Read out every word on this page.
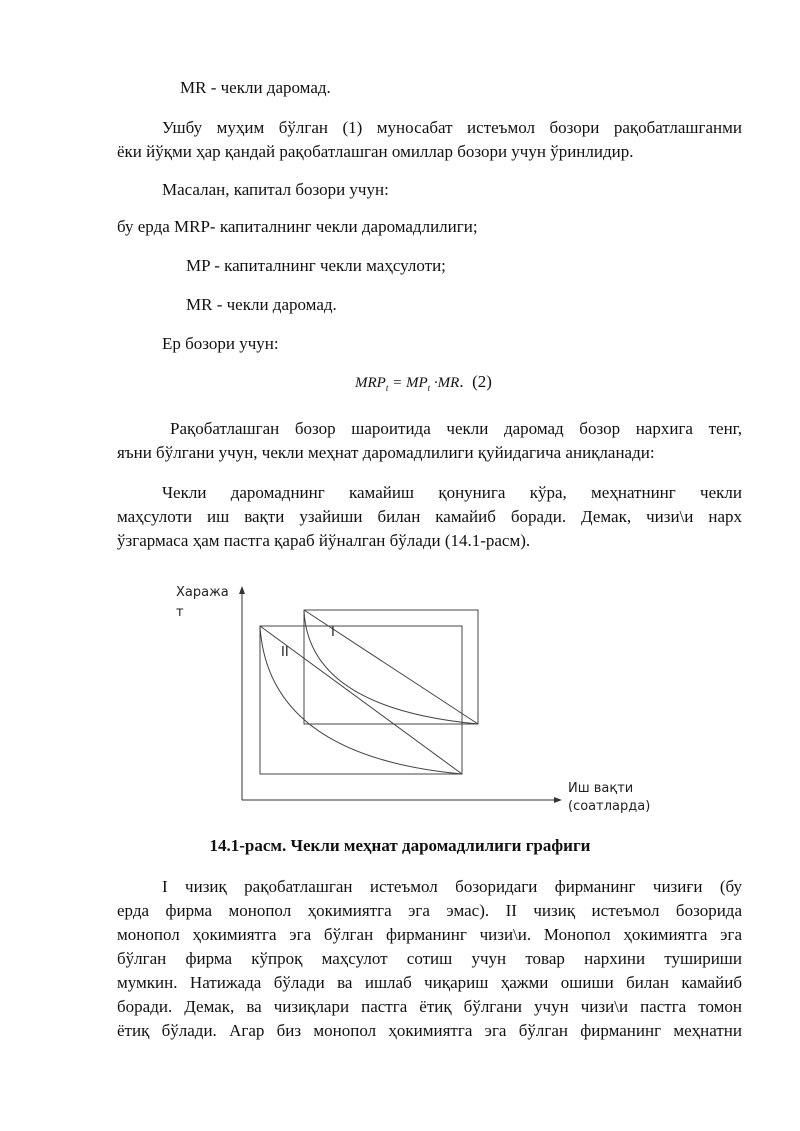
MR - чекли даромад.
Ушбу муҳим бўлган (1) муносабат истеъмол бозори рақобатлашганми
ёки йўқми ҳар қандай рақобатлашган омиллар бозори учун ўринлидир.
Масалан, капитал бозори учун:
бу ерда MRP- капиталнинг чекли даромадлилиги;
MP - капиталнинг чекли маҳсулоти;
MR - чекли даромад.
Ер бозори учун:
$MRP_t = MP_t \cdot MR$. (2)
Рақобатлашган бозор шароитида чекли даромад бозор нархига тенг,
яъни бўлгани учун, чекли меҳнат даромадлилиги қуйидагича аниқланади:
Чекли даромаднинг камайиш қонунига кўра, меҳнатнинг чекли
маҳсулоти иш вақти узайиши билан камайиб боради. Демак, чизи\и нарх
ўзгармаса ҳам пастга қараб йўналган бўлади (14.1-расм).
Хаража
т
Иш вақти
(соатларда)
I
II
14.1-расм. Чекли меҳнат даромадлилиги графиги
I чизиқ рақобатлашган истеъмол бозоридаги фирманинг чизиғи (бу
ерда фирма монопол ҳокимиятга эга эмас). II чизиқ истеъмол бозорида
монопол ҳокимиятга эга бўлган фирманинг чизи\и. Монопол ҳокимиятга эга
бўлган фирма кўпроқ маҳсулот сотиш учун товар нархини тушириши
мумкин. Натижада бўлади ва ишлаб чиқариш ҳажми ошиши билан камайиб
боради. Демак, ва чизиқлари пастга ётиқ бўлгани учун чизи\и пастга томон
ётиқ бўлади. Агар биз монопол ҳокимиятга эга бўлган фирманинг меҳнатни
